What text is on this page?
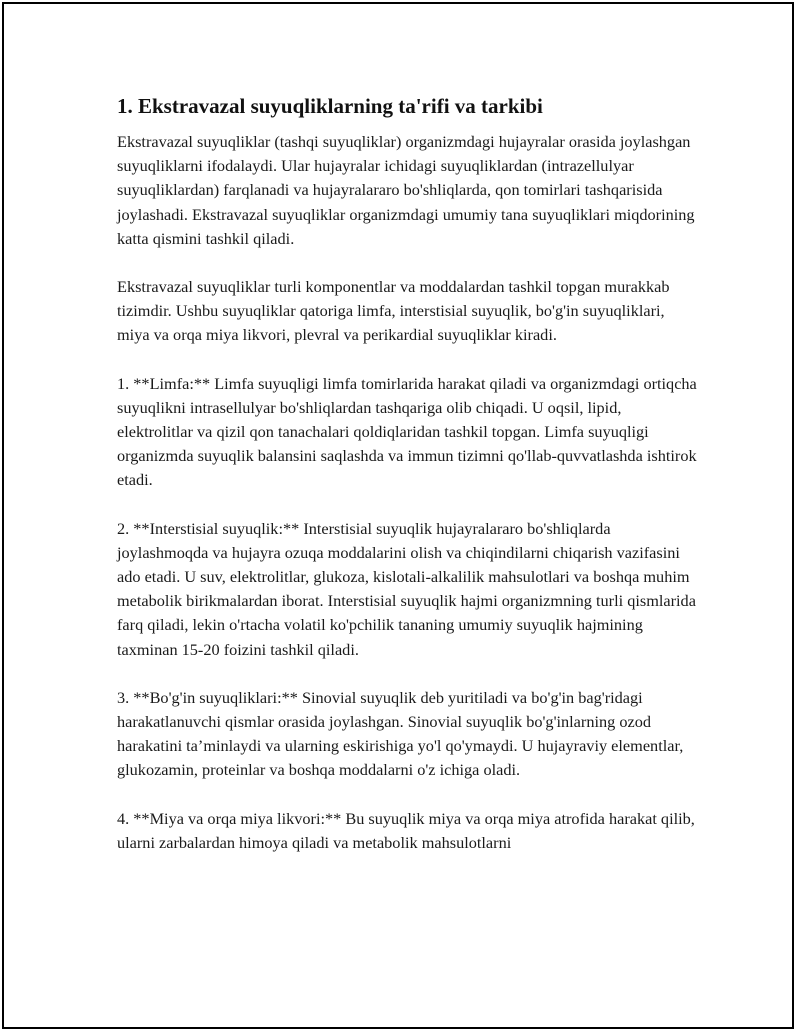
1. Ekstravazal suyuqliklarning ta'rifi va tarkibi

Ekstravazal suyuqliklar (tashqi suyuqliklar) organizmdagi hujayralar orasida joylashgan suyuqliklarni ifodalaydi. Ular hujayralar ichidagi suyuqliklardan (intrazellulyar suyuqliklardan) farqlanadi va hujayralararo bo'shliqlarda, qon tomirlari tashqarisida joylashadi. Ekstravazal suyuqliklar organizmdagi umumiy tana suyuqliklari miqdorining katta qismini tashkil qiladi.

Ekstravazal suyuqliklar turli komponentlar va moddalardan tashkil topgan murakkab tizimdir. Ushbu suyuqliklar qatoriga limfa, interstisial suyuqlik, bo'g'in suyuqliklari, miya va orqa miya likvori, plevral va perikardial suyuqliklar kiradi.

1. **Limfa:** Limfa suyuqligi limfa tomirlarida harakat qiladi va organizmdagi ortiqcha suyuqlikni intrasellulyar bo'shliqlardan tashqariga olib chiqadi. U oqsil, lipid, elektrolitlar va qizil qon tanachalari qoldiqlaridan tashkil topgan. Limfa suyuqligi organizmda suyuqlik balansini saqlashda va immun tizimni qo'llab-quvvatlashda ishtirok etadi.

2. **Interstisial suyuqlik:** Interstisial suyuqlik hujayralararo bo'shliqlarda joylashmoqda va hujayra ozuqa moddalarini olish va chiqindilarni chiqarish vazifasini ado etadi. U suv, elektrolitlar, glukoza, kislotali-alkalilik mahsulotlari va boshqa muhim metabolik birikmalardan iborat. Interstisial suyuqlik hajmi organizmning turli qismlarida farq qiladi, lekin o'rtacha volatil ko'pchilik tananing umumiy suyuqlik hajmining taxminan 15-20 foizini tashkil qiladi.

3. **Bo'g'in suyuqliklari:** Sinovial suyuqlik deb yuritiladi va bo'g'in bag'ridagi harakatlanuvchi qismlar orasida joylashgan. Sinovial suyuqlik bo'g'inlarning ozod harakatini ta’minlaydi va ularning eskirishiga yo'l qo'ymaydi. U hujayraviy elementlar, glukozamin, proteinlar va boshqa moddalarni o'z ichiga oladi.

4. **Miya va orqa miya likvori:** Bu suyuqlik miya va orqa miya atrofida harakat qilib, ularni zarbalardan himoya qiladi va metabolik mahsulotlarni
